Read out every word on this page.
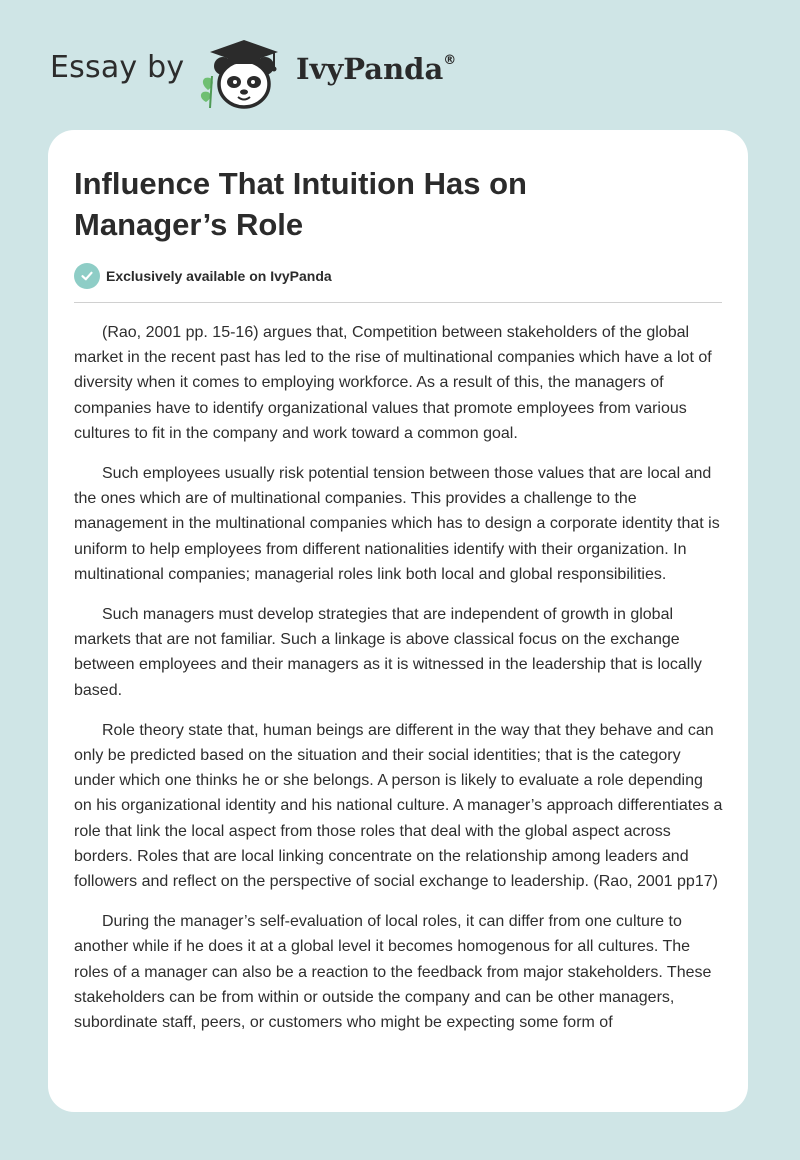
Essay by	IvyPanda®
Influence That Intuition Has on
Manager’s Role
Exclusively available on IvyPanda

(Rao, 2001 pp. 15-16) argues that, Competition between stakeholders of the global market in the recent past has led to the rise of multinational companies which have a lot of diversity when it comes to employing workforce. As a result of this, the managers of companies have to identify organizational values that promote employees from various cultures to fit in the company and work toward a common goal.

Such employees usually risk potential tension between those values that are local and the ones which are of multinational companies. This provides a challenge to the management in the multinational companies which has to design a corporate identity that is uniform to help employees from different nationalities identify with their organization. In multinational companies; managerial roles link both local and global responsibilities.

Such managers must develop strategies that are independent of growth in global markets that are not familiar. Such a linkage is above classical focus on the exchange between employees and their managers as it is witnessed in the leadership that is locally based.

Role theory state that, human beings are different in the way that they behave and can only be predicted based on the situation and their social identities; that is the category under which one thinks he or she belongs. A person is likely to evaluate a role depending on his organizational identity and his national culture. A manager’s approach differentiates a role that link the local aspect from those roles that deal with the global aspect across borders. Roles that are local linking concentrate on the relationship among leaders and followers and reflect on the perspective of social exchange to leadership. (Rao, 2001 pp17)

During the manager’s self-evaluation of local roles, it can differ from one culture to another while if he does it at a global level it becomes homogenous for all cultures. The roles of a manager can also be a reaction to the feedback from major stakeholders. These stakeholders can be from within or outside the company and can be other managers, subordinate staff, peers, or customers who might be expecting some form of
